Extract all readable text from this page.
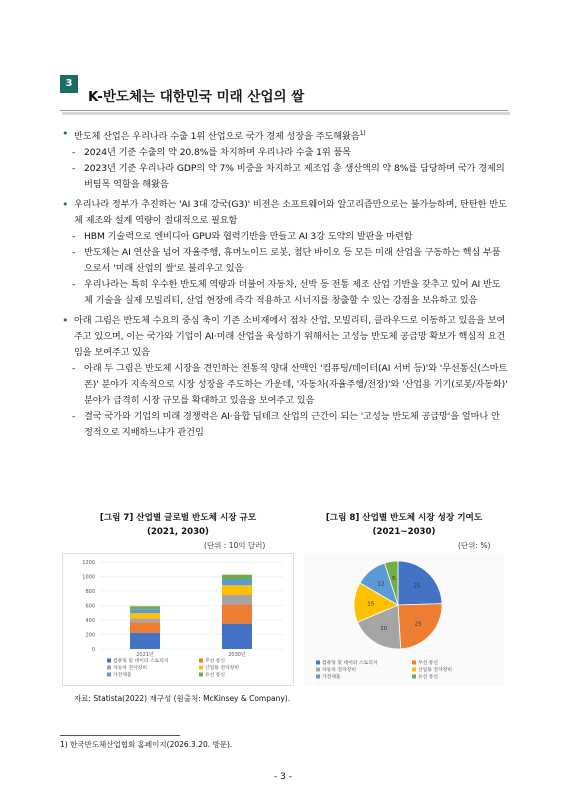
3
K-반도체는 대한민국 미래 산업의 쌀

• 반도체 산업은 우리나라 수출 1위 산업으로 국가 경제 성장을 주도해왔음$^{1)}$

- 2024년 기준 수출의 약 20.8%를 차지하며 우리나라 수출 1위 품목

- 2023년 기준 우리나라 GDP의 약 7% 비중을 차지하고 제조업 총 생산액의 약 8%를 담당하며 국가 경제의 버팀목 역할을 해왔음

• 우리나라 정부가 추진하는 'AI 3대 강국(G3)' 비전은 소프트웨어와 알고리즘만으로는 불가능하며, 탄탄한 반도체 제조와 설계 역량이 절대적으로 필요함

- HBM 기술력으로 엔비디아 GPU와 협력기반을 만들고 AI 3강 도약의 발판을 마련함

- 반도체는 AI 연산을 넘어 자율주행, 휴머노이드 로봇, 첨단 바이오 등 모든 미래 산업을 구동하는 핵심 부품으로서 '미래 산업의 쌀'로 불리우고 있음

- 우리나라는 특히 우수한 반도체 역량과 더불어 자동차, 선박 등 전통 제조 산업 기반을 갖추고 있어 AI 반도체 기술을 실제 모빌리티, 산업 현장에 즉각 적용하고 시너지를 창출할 수 있는 강점을 보유하고 있음

• 아래 그림은 반도체 수요의 중심 축이 기존 소비재에서 점차 산업, 모빌리티, 클라우드로 이동하고 있음을 보여주고 있으며, 이는 국가와 기업이 AI·미래 산업을 육성하기 위해서는 고성능 반도체 공급망 확보가 핵심적 요건임을 보여주고 있음

- 아래 두 그림은 반도체 시장을 견인하는 전통적 양대 산맥인 '컴퓨팅/데이터(AI 서버 등)'와 '무선통신(스마트폰)' 분야가 지속적으로 시장 성장을 주도하는 가운데, '자동차(자율주행/전장)'와 '산업용 기기(로봇/자동화)' 분야가 급격히 시장 규모를 확대하고 있음을 보여주고 있음

- 결국 국가와 기업의 미래 경쟁력은 AI·융합 딥테크 산업의 근간이 되는 '고성능 반도체 공급망'을 얼마나 안정적으로 지배하느냐가 관건임

[그림 7] 산업별 글로벌 반도체 시장 규모
(2021, 2030)
(단위 : 10억 달러)
0
200
400
600
800
1000
1200
2021년	2030년
컴퓨팅 및 데이터 스토리지	무선 통신
자동차 전자장비	산업용 전자장비
가전제품	유선 통신
[그림 8] 산업별 반도체 시장 성장 기여도
(2021~2030)
(단위: %)
25
25
20
15
12
5
컴퓨팅 및 데이터 스토리지	무선 통신
자동차 전자장비	산업용 전자장비
가전제품	유선 통신
자료: Statista(2022) 재구성 (원출처: McKinsey & Company).
1) 한국반도체산업협회 홈페이지(2026.3.20. 방문).
- 3 -
